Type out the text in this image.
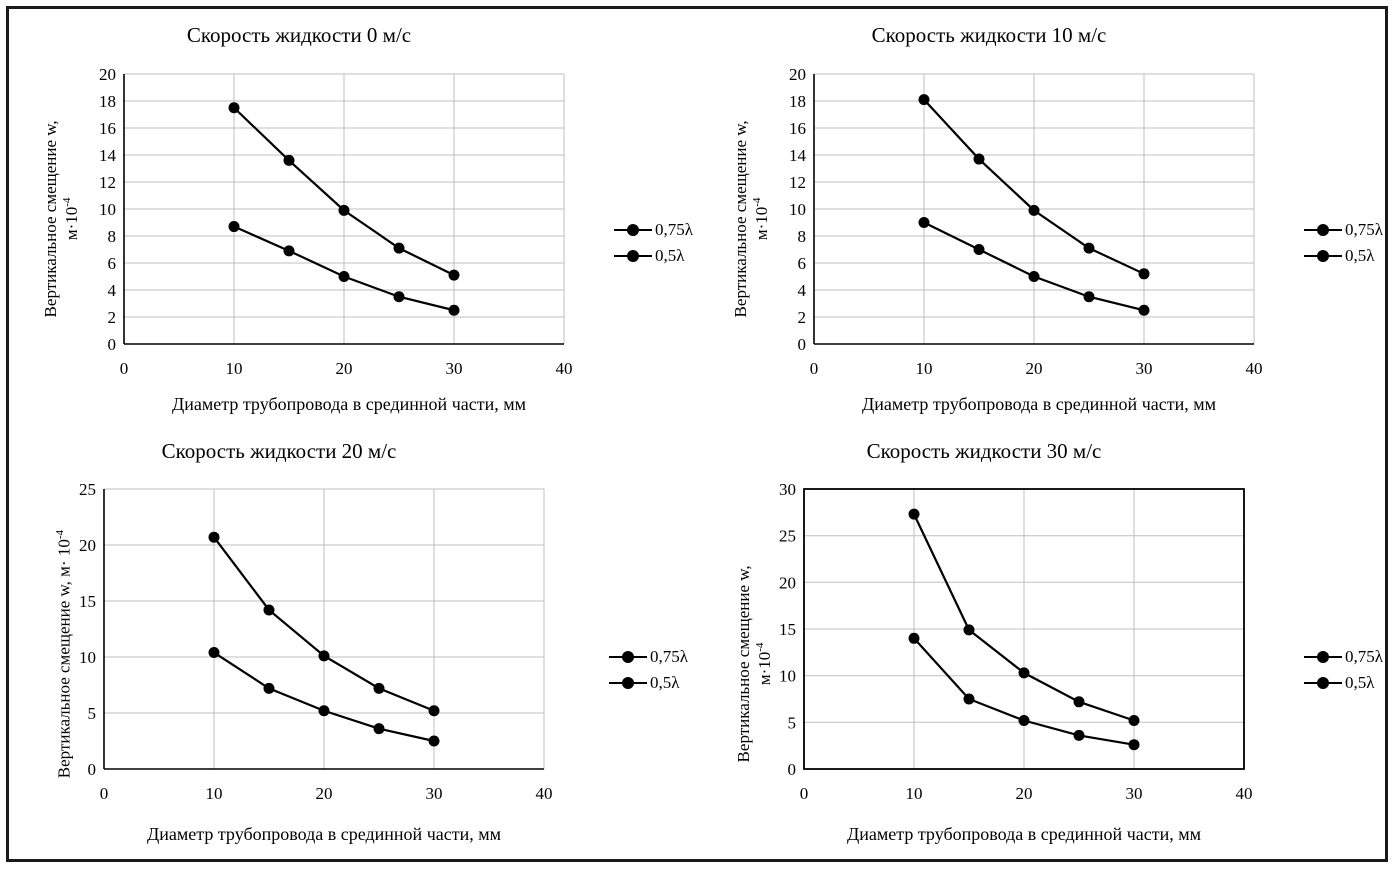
Скорость жидкости 0 м/с
Вертикальное смещение w,
$м\cdot 10^{-4}$
20
18
16
14
12
10
8
6
4
2
0
0	10	20	30	40
Диаметр трубопровода в срединной части, мм
0,75λ
0,5λ
Скорость жидкости 10 м/с
Вертикальное смещение w,
$м\cdot 10^{-4}$
20
18
16
14
12
10
8
6
4
2
0
0	10	20	30	40
Диаметр трубопровода в срединной части, мм
0,75λ
0,5λ
Скорость жидкости 20 м/с
Вертикальное смещение w, $м\cdot 10^{-4}$
25
20
15
10
5
0
0	10	20	30	40
Диаметр трубопровода в срединной части, мм
0,75λ
0,5λ
Скорость жидкости 30 м/с
Вертикальное смещение w,
$м\cdot 10^{-4}$
30
25
20
15
10
5
0
0	10	20	30	40
Диаметр трубопровода в срединной части, мм
0,75λ
0,5λ
